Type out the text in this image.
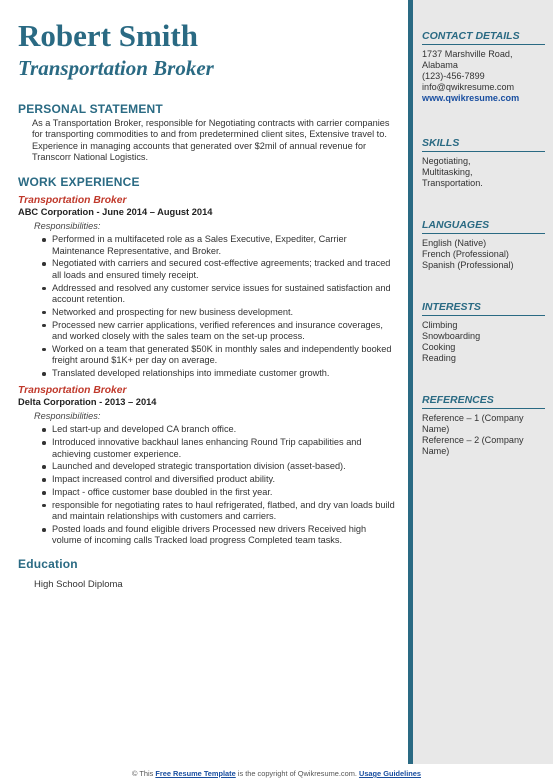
Robert Smith
Transportation Broker
PERSONAL STATEMENT

As a Transportation Broker, responsible for Negotiating contracts with carrier companies for transporting commodities to and from predetermined client sites, Extensive travel to. Experience in managing accounts that generated over $2mil of annual revenue for Transcorr National Logistics.

WORK EXPERIENCE
Transportation Broker
ABC Corporation - June 2014 – August 2014
Responsibilities:
Performed in a multifaceted role as a Sales Executive, Expediter, Carrier Maintenance Representative, and Broker.
Negotiated with carriers and secured cost-effective agreements; tracked and traced all loads and ensured timely receipt.
Addressed and resolved any customer service issues for sustained satisfaction and account retention.
Networked and prospecting for new business development.
Processed new carrier applications, verified references and insurance coverages, and worked closely with the sales team on the set-up process.
Worked on a team that generated $50K in monthly sales and independently booked freight around $1K+ per day on average.
Translated developed relationships into immediate customer growth.
Transportation Broker
Delta Corporation - 2013 – 2014
Responsibilities:
Led start-up and developed CA branch office.
Introduced innovative backhaul lanes enhancing Round Trip capabilities and achieving customer experience.
Launched and developed strategic transportation division (asset-based).
Impact increased control and diversified product ability.
Impact - office customer base doubled in the first year.
responsible for negotiating rates to haul refrigerated, flatbed, and dry van loads build and maintain relationships with customers and carriers.
Posted loads and found eligible drivers Processed new drivers Received high volume of incoming calls Tracked load progress Completed team tasks.
Education
High School Diploma
CONTACT DETAILS
1737 Marshville Road,
Alabama
(123)-456-7899
info@qwikresume.com
www.qwikresume.com
SKILLS
Negotiating,
Multitasking,
Transportation.
LANGUAGES
English (Native)
French (Professional)
Spanish (Professional)
INTERESTS
Climbing
Snowboarding
Cooking
Reading
REFERENCES
Reference – 1 (Company Name)
Reference – 2 (Company Name)
© This Free Resume Template is the copyright of Qwikresume.com. Usage Guidelines
